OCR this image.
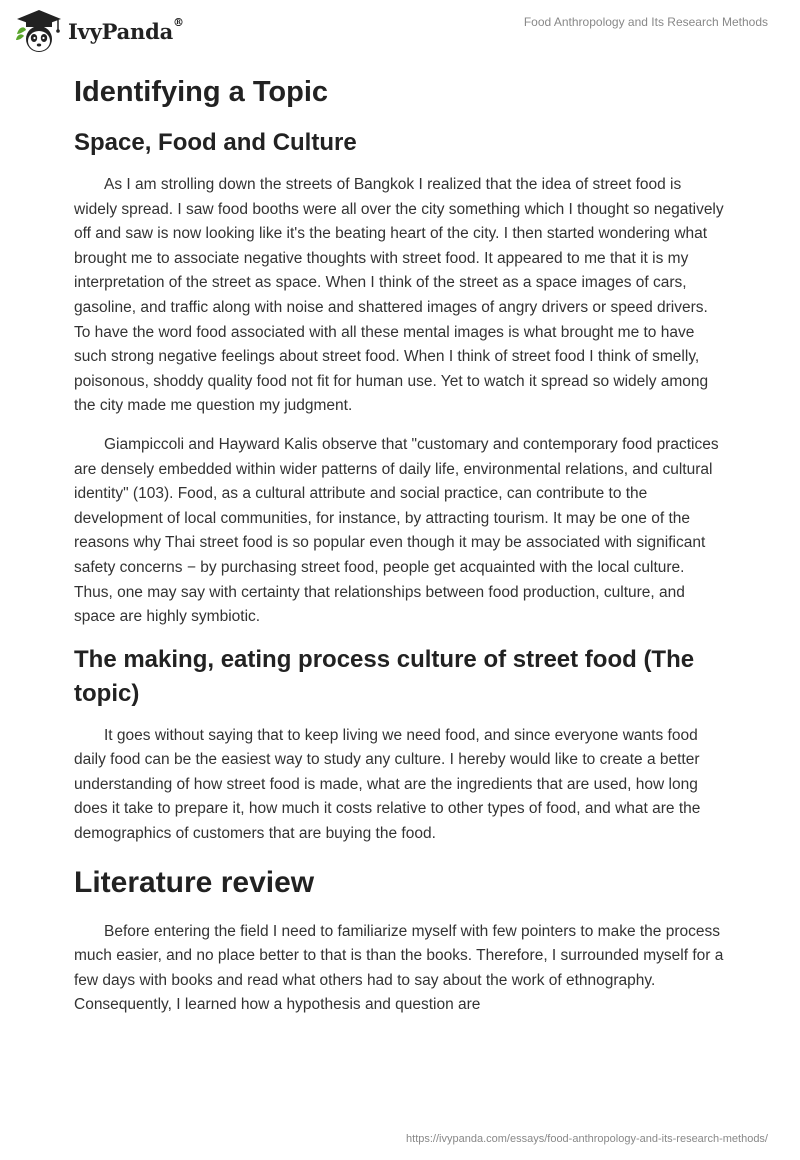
IvyPanda®	Food Anthropology and Its Research Methods
Identifying a Topic
Space, Food and Culture

As I am strolling down the streets of Bangkok I realized that the idea of street food is widely spread. I saw food booths were all over the city something which I thought so negatively off and saw is now looking like it's the beating heart of the city. I then started wondering what brought me to associate negative thoughts with street food. It appeared to me that it is my interpretation of the street as space. When I think of the street as a space images of cars, gasoline, and traffic along with noise and shattered images of angry drivers or speed drivers. To have the word food associated with all these mental images is what brought me to have such strong negative feelings about street food. When I think of street food I think of smelly, poisonous, shoddy quality food not fit for human use. Yet to watch it spread so widely among the city made me question my judgment.

Giampiccoli and Hayward Kalis observe that "customary and contemporary food practices are densely embedded within wider patterns of daily life, environmental relations, and cultural identity" (103). Food, as a cultural attribute and social practice, can contribute to the development of local communities, for instance, by attracting tourism. It may be one of the reasons why Thai street food is so popular even though it may be associated with significant safety concerns − by purchasing street food, people get acquainted with the local culture. Thus, one may say with certainty that relationships between food production, culture, and space are highly symbiotic.

The making, eating process culture of street food (The topic)

It goes without saying that to keep living we need food, and since everyone wants food daily food can be the easiest way to study any culture. I hereby would like to create a better understanding of how street food is made, what are the ingredients that are used, how long does it take to prepare it, how much it costs relative to other types of food, and what are the demographics of customers that are buying the food.

Literature review

Before entering the field I need to familiarize myself with few pointers to make the process much easier, and no place better to that is than the books. Therefore, I surrounded myself for a few days with books and read what others had to say about the work of ethnography. Consequently, I learned how a hypothesis and question are

https://ivypanda.com/essays/food-anthropology-and-its-research-methods/
